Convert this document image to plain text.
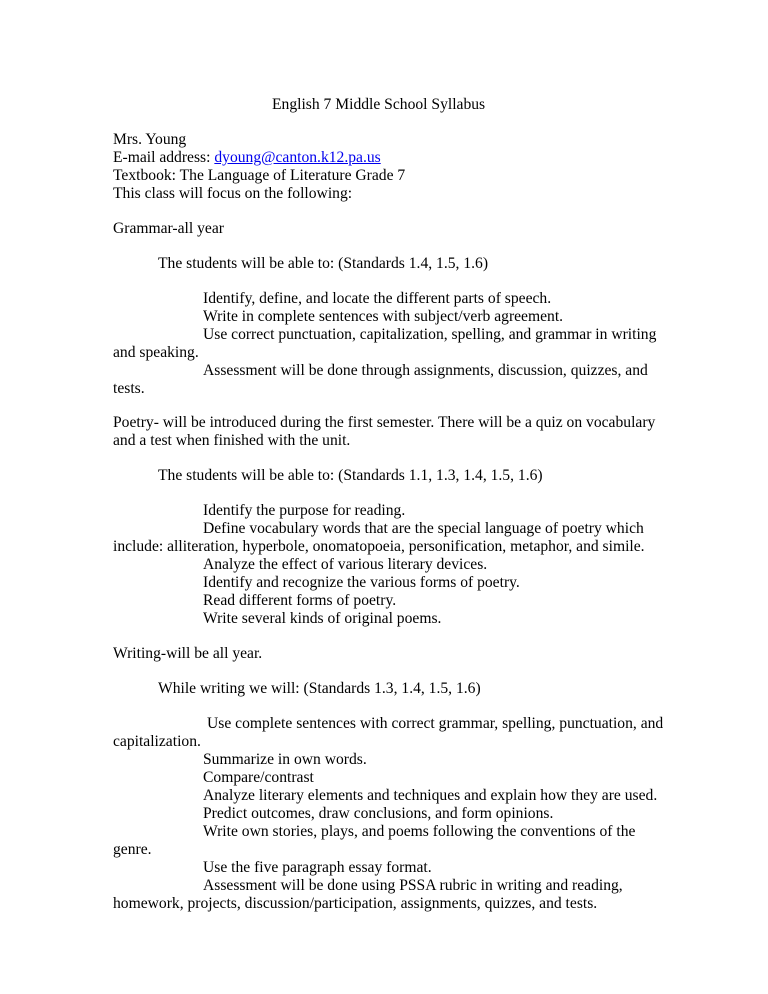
English 7 Middle School Syllabus
Mrs. Young
E-mail address: dyoung@canton.k12.pa.us
Textbook: The Language of Literature Grade 7
This class will focus on the following:
Grammar-all year
The students will be able to: (Standards 1.4, 1.5, 1.6)
Identify, define, and locate the different parts of speech.
Write in complete sentences with subject/verb agreement.
Use correct punctuation, capitalization, spelling, and grammar in writing
and speaking.
Assessment will be done through assignments, discussion, quizzes, and
tests.
Poetry- will be introduced during the first semester. There will be a quiz on vocabulary
and a test when finished with the unit.
The students will be able to: (Standards 1.1, 1.3, 1.4, 1.5, 1.6)
Identify the purpose for reading.
Define vocabulary words that are the special language of poetry which
include: alliteration, hyperbole, onomatopoeia, personification, metaphor, and simile.
Analyze the effect of various literary devices.
Identify and recognize the various forms of poetry.
Read different forms of poetry.
Write several kinds of original poems.
Writing-will be all year.
While writing we will: (Standards 1.3, 1.4, 1.5, 1.6)
Use complete sentences with correct grammar, spelling, punctuation, and
capitalization.
Summarize in own words.
Compare/contrast
Analyze literary elements and techniques and explain how they are used.
Predict outcomes, draw conclusions, and form opinions.
Write own stories, plays, and poems following the conventions of the
genre.
Use the five paragraph essay format.
Assessment will be done using PSSA rubric in writing and reading,
homework, projects, discussion/participation, assignments, quizzes, and tests.
